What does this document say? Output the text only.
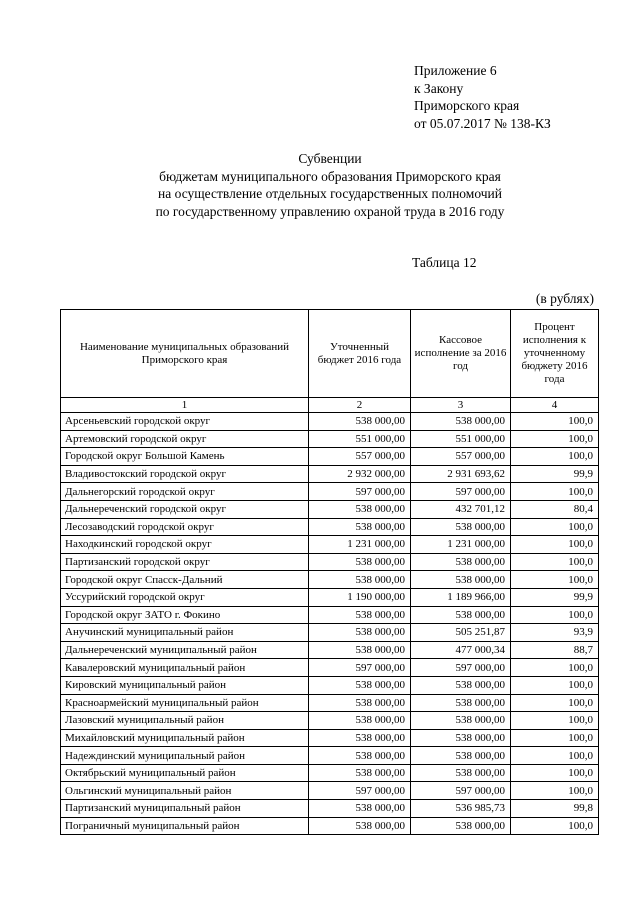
Приложение 6
к Закону
Приморского края
от 05.07.2017 № 138-КЗ
Субвенции
бюджетам муниципального образования Приморского края
на осуществление отдельных государственных полномочий
по государственному управлению охраной труда в 2016 году
Таблица 12
(в рублях)
Наименование муниципальных образований Приморского края	Уточненный бюджет 2016 года	Кассовое исполнение за 2016 год	Процент исполнения к уточненному бюджету 2016 года
1	2	3	4
Арсеньевский городской округ	538 000,00	538 000,00	100,0
Артемовский городской округ	551 000,00	551 000,00	100,0
Городской округ Большой Камень	557 000,00	557 000,00	100,0
Владивостокский городской округ	2 932 000,00	2 931 693,62	99,9
Дальнегорский городской округ	597 000,00	597 000,00	100,0
Дальнереченский городской округ	538 000,00	432 701,12	80,4
Лесозаводский городской округ	538 000,00	538 000,00	100,0
Находкинский городской округ	1 231 000,00	1 231 000,00	100,0
Партизанский городской округ	538 000,00	538 000,00	100,0
Городской округ Спасск-Дальний	538 000,00	538 000,00	100,0
Уссурийский городской округ	1 190 000,00	1 189 966,00	99,9
Городской округ ЗАТО г. Фокино	538 000,00	538 000,00	100,0
Анучинский муниципальный район	538 000,00	505 251,87	93,9
Дальнереченский муниципальный район	538 000,00	477 000,34	88,7
Кавалеровский муниципальный район	597 000,00	597 000,00	100,0
Кировский муниципальный район	538 000,00	538 000,00	100,0
Красноармейский муниципальный район	538 000,00	538 000,00	100,0
Лазовский муниципальный район	538 000,00	538 000,00	100,0
Михайловский муниципальный район	538 000,00	538 000,00	100,0
Надеждинский муниципальный район	538 000,00	538 000,00	100,0
Октябрьский муниципальный район	538 000,00	538 000,00	100,0
Ольгинский муниципальный район	597 000,00	597 000,00	100,0
Партизанский муниципальный район	538 000,00	536 985,73	99,8
Пограничный муниципальный район	538 000,00	538 000,00	100,0
